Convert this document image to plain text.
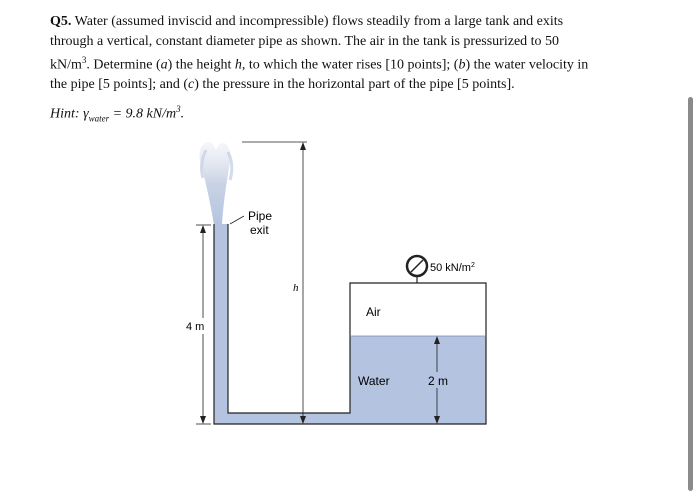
Q5. Water (assumed inviscid and incompressible) flows steadily from a large tank and exits
through a vertical, constant diameter pipe as shown. The air in the tank is pressurized to 50
$kN/m^3$. Determine (a) the height h, to which the water rises [10 points]; (b) the water velocity in
the pipe [5 points]; and (c) the pressure in the horizontal part of the pipe [5 points].
Hint: $\gamma_{water} = 9.8$ $kN/m^3$.
Pipe
exit
h
4 m
Air
Water	2 m
50 $kN/m^2$
